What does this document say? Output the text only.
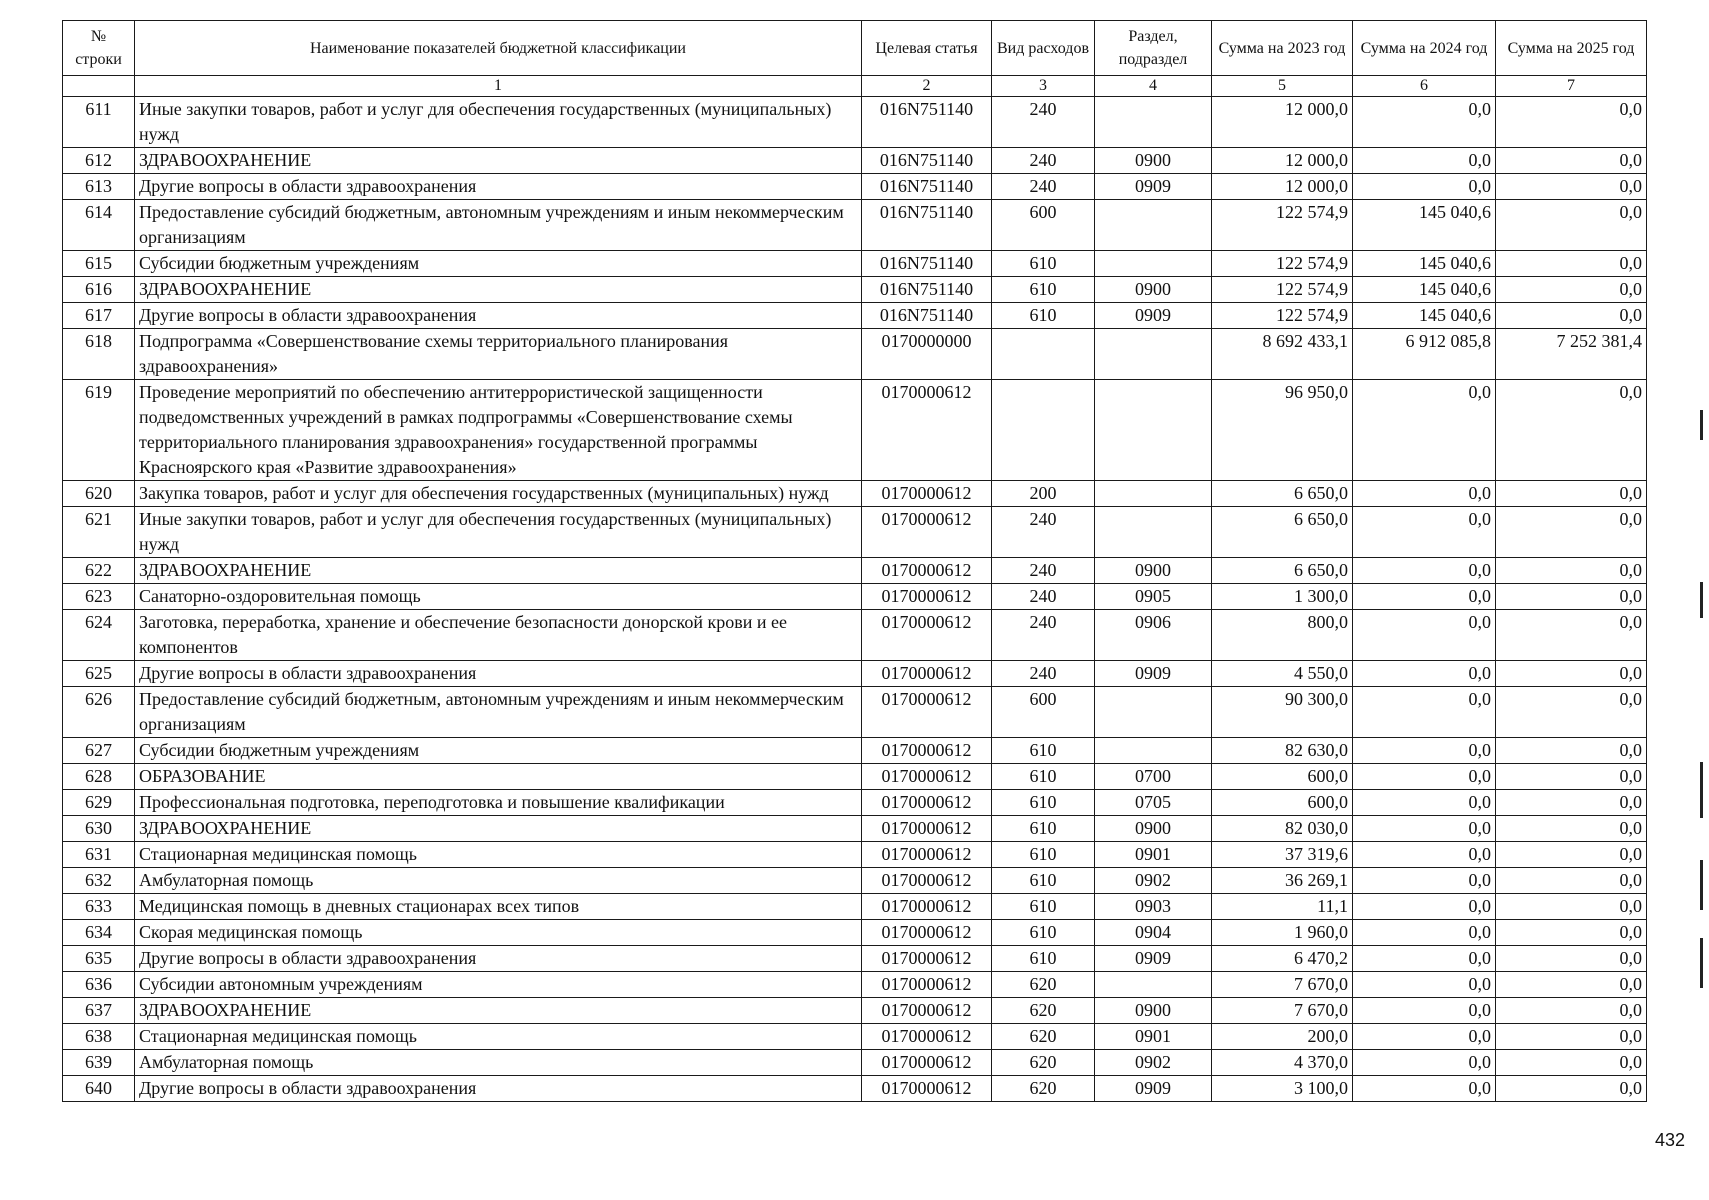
№ строки	Наименование показателей бюджетной классификации	Целевая статья	Вид расходов	Раздел, подраздел	Сумма на 2023 год	Сумма на 2024 год	Сумма на 2025 год
	1	2	3	4	5	6	7
611	Иные закупки товаров, работ и услуг для обеспечения государственных (муниципальных) нужд	016N751140	240		12 000,0	0,0	0,0
612	ЗДРАВООХРАНЕНИЕ	016N751140	240	0900	12 000,0	0,0	0,0
613	Другие вопросы в области здравоохранения	016N751140	240	0909	12 000,0	0,0	0,0
614	Предоставление субсидий бюджетным, автономным учреждениям и иным некоммерческим организациям	016N751140	600		122 574,9	145 040,6	0,0
615	Субсидии бюджетным учреждениям	016N751140	610		122 574,9	145 040,6	0,0
616	ЗДРАВООХРАНЕНИЕ	016N751140	610	0900	122 574,9	145 040,6	0,0
617	Другие вопросы в области здравоохранения	016N751140	610	0909	122 574,9	145 040,6	0,0
618	Подпрограмма «Совершенствование схемы территориального планирования здравоохранения»	0170000000			8 692 433,1	6 912 085,8	7 252 381,4
619	Проведение мероприятий по обеспечению антитеррористической защищенности подведомственных учреждений в рамках подпрограммы «Совершенствование схемы территориального планирования здравоохранения» государственной программы Красноярского края «Развитие здравоохранения»	0170000612			96 950,0	0,0	0,0
620	Закупка товаров, работ и услуг для обеспечения государственных (муниципальных) нужд	0170000612	200		6 650,0	0,0	0,0
621	Иные закупки товаров, работ и услуг для обеспечения государственных (муниципальных) нужд	0170000612	240		6 650,0	0,0	0,0
622	ЗДРАВООХРАНЕНИЕ	0170000612	240	0900	6 650,0	0,0	0,0
623	Санаторно-оздоровительная помощь	0170000612	240	0905	1 300,0	0,0	0,0
624	Заготовка, переработка, хранение и обеспечение безопасности донорской крови и ее компонентов	0170000612	240	0906	800,0	0,0	0,0
625	Другие вопросы в области здравоохранения	0170000612	240	0909	4 550,0	0,0	0,0
626	Предоставление субсидий бюджетным, автономным учреждениям и иным некоммерческим организациям	0170000612	600		90 300,0	0,0	0,0
627	Субсидии бюджетным учреждениям	0170000612	610		82 630,0	0,0	0,0
628	ОБРАЗОВАНИЕ	0170000612	610	0700	600,0	0,0	0,0
629	Профессиональная подготовка, переподготовка и повышение квалификации	0170000612	610	0705	600,0	0,0	0,0
630	ЗДРАВООХРАНЕНИЕ	0170000612	610	0900	82 030,0	0,0	0,0
631	Стационарная медицинская помощь	0170000612	610	0901	37 319,6	0,0	0,0
632	Амбулаторная помощь	0170000612	610	0902	36 269,1	0,0	0,0
633	Медицинская помощь в дневных стационарах всех типов	0170000612	610	0903	11,1	0,0	0,0
634	Скорая медицинская помощь	0170000612	610	0904	1 960,0	0,0	0,0
635	Другие вопросы в области здравоохранения	0170000612	610	0909	6 470,2	0,0	0,0
636	Субсидии автономным учреждениям	0170000612	620		7 670,0	0,0	0,0
637	ЗДРАВООХРАНЕНИЕ	0170000612	620	0900	7 670,0	0,0	0,0
638	Стационарная медицинская помощь	0170000612	620	0901	200,0	0,0	0,0
639	Амбулаторная помощь	0170000612	620	0902	4 370,0	0,0	0,0
640	Другие вопросы в области здравоохранения	0170000612	620	0909	3 100,0	0,0	0,0
432
